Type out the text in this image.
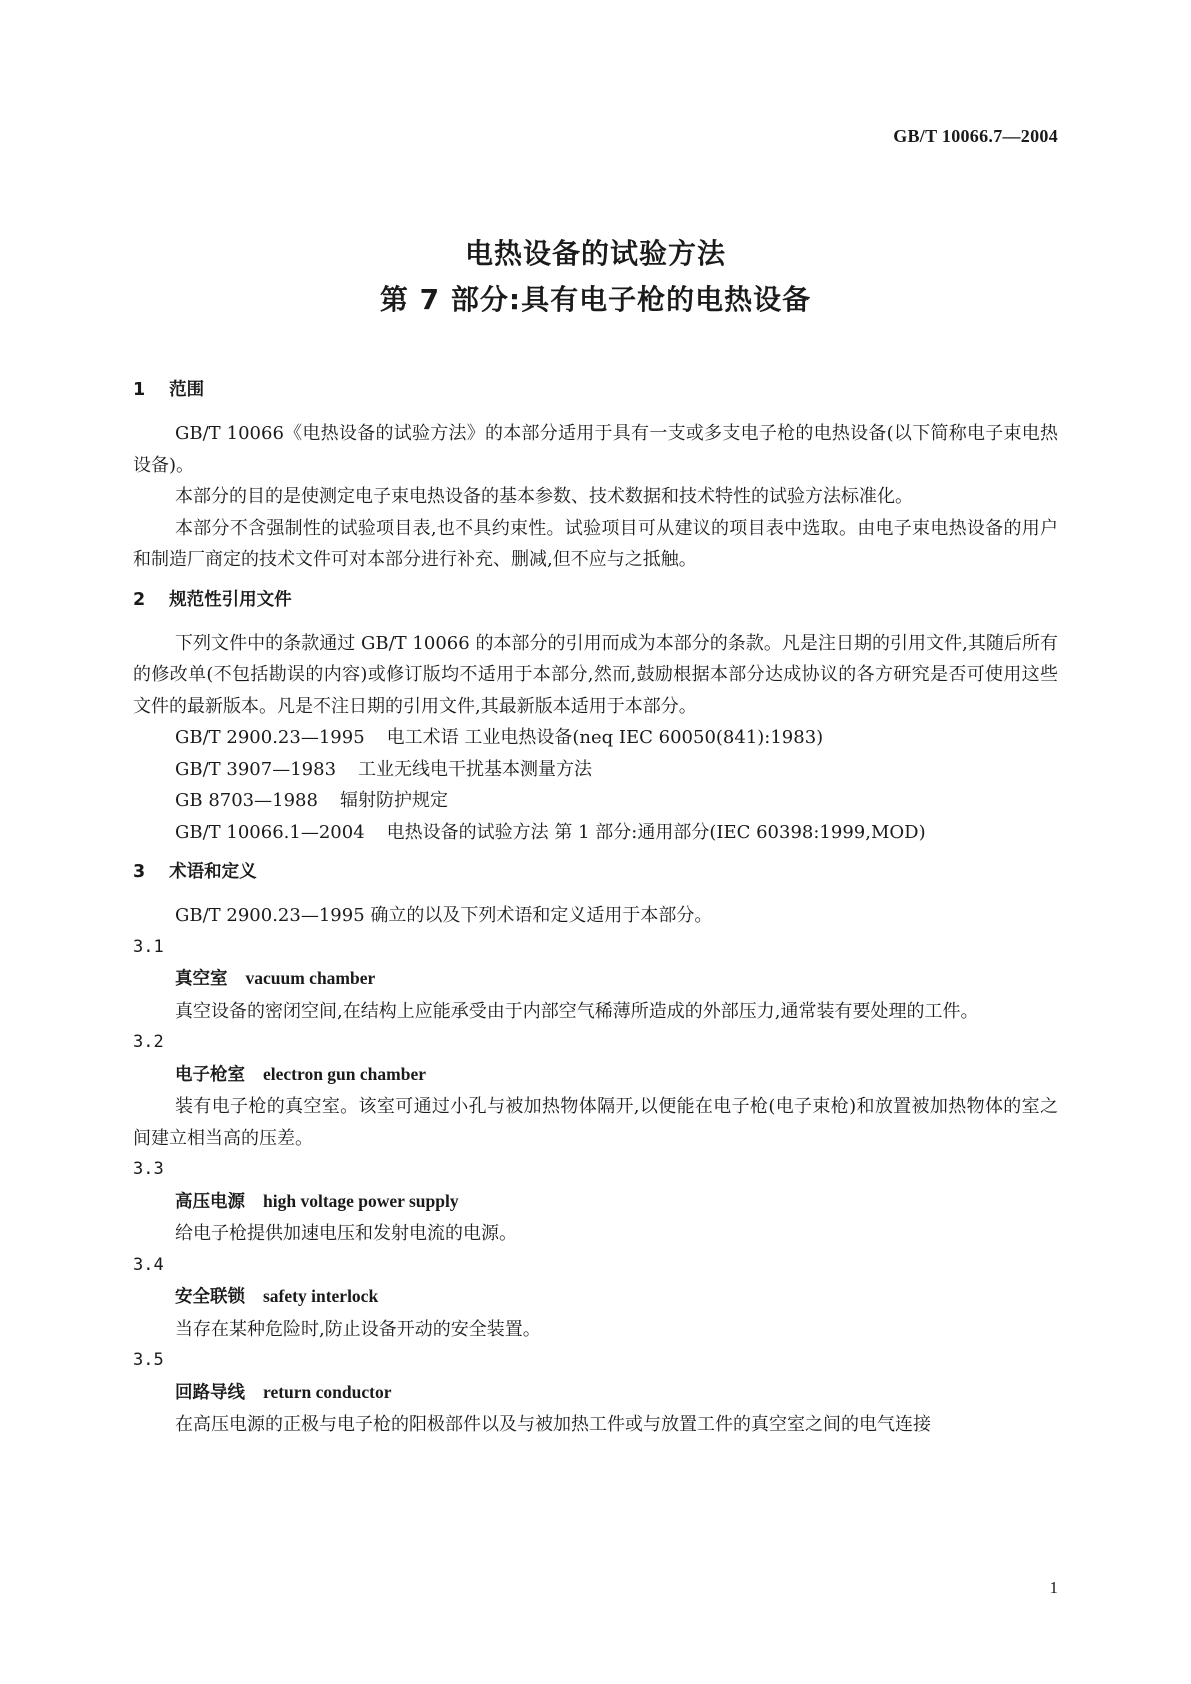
GB/T 10066.7—2004
电热设备的试验方法
第 7 部分:具有电子枪的电热设备
1 范围

GB/T 10066《电热设备的试验方法》的本部分适用于具有一支或多支电子枪的电热设备(以下简称电子束电热设备)。

本部分的目的是使测定电子束电热设备的基本参数、技术数据和技术特性的试验方法标准化。

本部分不含强制性的试验项目表,也不具约束性。试验项目可从建议的项目表中选取。由电子束电热设备的用户和制造厂商定的技术文件可对本部分进行补充、删减,但不应与之抵触。

2 规范性引用文件

下列文件中的条款通过 GB/T 10066 的本部分的引用而成为本部分的条款。凡是注日期的引用文件,其随后所有的修改单(不包括勘误的内容)或修订版均不适用于本部分,然而,鼓励根据本部分达成协议的各方研究是否可使用这些文件的最新版本。凡是不注日期的引用文件,其最新版本适用于本部分。

GB/T 2900.23—1995 电工术语 工业电热设备(neq IEC 60050(841):1983)

GB/T 3907—1983 工业无线电干扰基本测量方法

GB 8703—1988 辐射防护规定

GB/T 10066.1—2004 电热设备的试验方法 第 1 部分:通用部分(IEC 60398:1999,MOD)

3 术语和定义

GB/T 2900.23—1995 确立的以及下列术语和定义适用于本部分。

3.1

真空室 vacuum chamber

真空设备的密闭空间,在结构上应能承受由于内部空气稀薄所造成的外部压力,通常装有要处理的工件。

3.2

电子枪室 electron gun chamber

装有电子枪的真空室。该室可通过小孔与被加热物体隔开,以便能在电子枪(电子束枪)和放置被加热物体的室之间建立相当高的压差。

3.3

高压电源 high voltage power supply

给电子枪提供加速电压和发射电流的电源。

3.4

安全联锁 safety interlock

当存在某种危险时,防止设备开动的安全装置。

3.5

回路导线 return conductor

在高压电源的正极与电子枪的阳极部件以及与被加热工件或与放置工件的真空室之间的电气连接

1
